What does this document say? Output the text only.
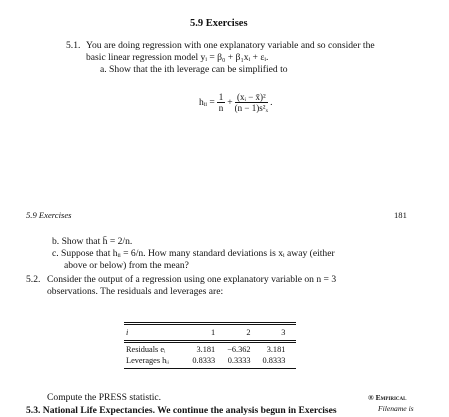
5.9 Exercises
5.1. You are doing regression with one explanatory variable and so consider the
basic linear regression model yᵢ = β₀ + β₁xᵢ + εᵢ.
a. Show that the ith leverage can be simplified to
hᵢᵢ = $\frac{1}{n} + \frac{\text{(xᵢ − x̄)²}}{\text{(n − 1)s²ₓ}}$ .
5.9 Exercises	181
b. Show that h̄ = 2/n.
c. Suppose that hᵢᵢ = 6/n. How many standard deviations is xᵢ away (either
above or below) from the mean?
5.2. Consider the output of a regression using one explanatory variable on n = 3
observations. The residuals and leverages are:
i	1	2	3

Residuals eᵢ	3.181	−6.362	3.181
Leverages hᵢᵢ	0.8333	0.3333	0.8333
Compute the PRESS statistic.	® Empirical
Filename is
5.3. National Life Expectancies. We continue the analysis begun in Exercises
